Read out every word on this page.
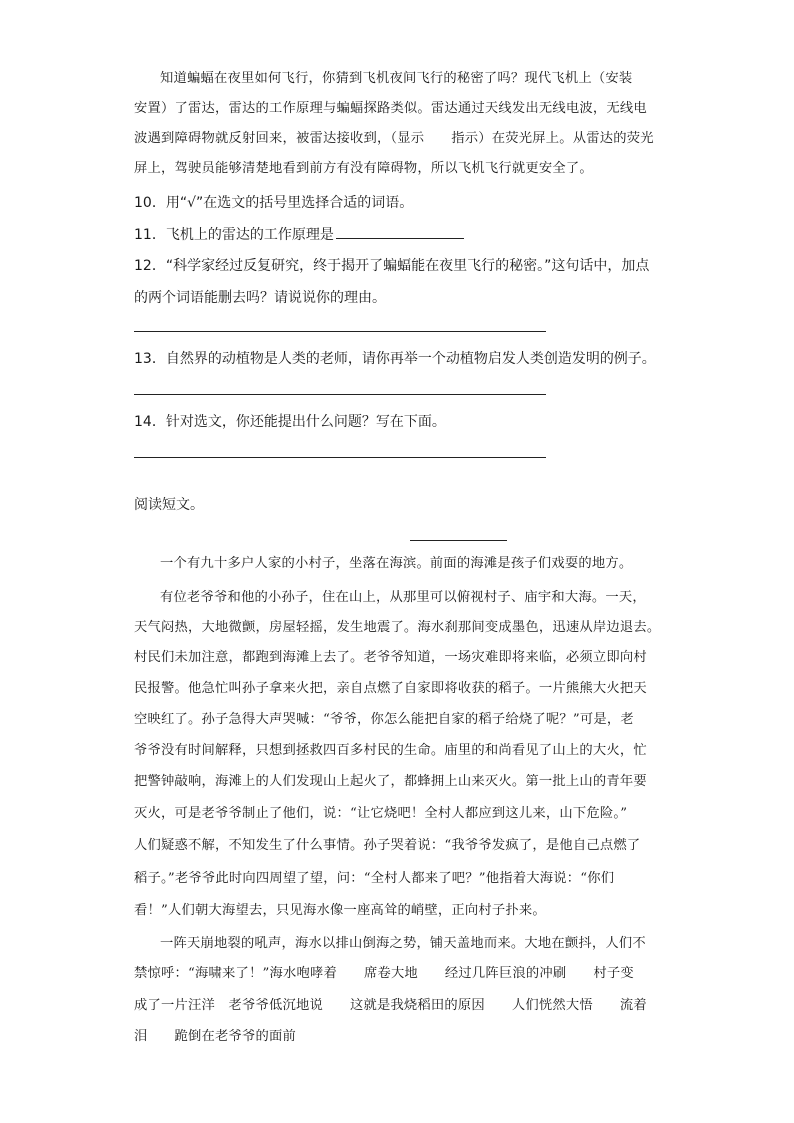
知道蝙蝠在夜里如何飞行，你猜到飞机夜间飞行的秘密了吗？现代飞机上（安装
安置）了雷达，雷达的工作原理与蝙蝠探路类似。雷达通过天线发出无线电波，无线电
波遇到障碍物就反射回来，被雷达接收到，（显示　　指示）在荧光屏上。从雷达的荧光
屏上，驾驶员能够清楚地看到前方有没有障碍物，所以飞机飞行就更安全了。
10．用“√”在选文的括号里选择合适的词语。
11．飞机上的雷达的工作原理是
12．“科学家经过反复研究，终于揭开了蝙蝠能在夜里飞行的秘密。”这句话中，加点
的两个词语能删去吗？请说说你的理由。
13．自然界的动植物是人类的老师，请你再举一个动植物启发人类创造发明的例子。
14．针对选文，你还能提出什么问题？写在下面。
阅读短文。
一个有九十多户人家的小村子，坐落在海滨。前面的海滩是孩子们戏耍的地方。
有位老爷爷和他的小孙子，住在山上，从那里可以俯视村子、庙宇和大海。一天，
天气闷热，大地微颤，房屋轻摇，发生地震了。海水刹那间变成墨色，迅速从岸边退去。
村民们未加注意，都跑到海滩上去了。老爷爷知道，一场灾难即将来临，必须立即向村
民报警。他急忙叫孙子拿来火把，亲自点燃了自家即将收获的稻子。一片熊熊大火把天
空映红了。孙子急得大声哭喊：“爷爷，你怎么能把自家的稻子给烧了呢？”可是，老
爷爷没有时间解释，只想到拯救四百多村民的生命。庙里的和尚看见了山上的大火，忙
把警钟敲响，海滩上的人们发现山上起火了，都蜂拥上山来灭火。第一批上山的青年要
灭火，可是老爷爷制止了他们，说：“让它烧吧！全村人都应到这儿来，山下危险。”
人们疑惑不解，不知发生了什么事情。孙子哭着说：“我爷爷发疯了，是他自己点燃了
稻子。”老爷爷此时向四周望了望，问：“全村人都来了吧？”他指着大海说：“你们
看！”人们朝大海望去，只见海水像一座高耸的峭壁，正向村子扑来。
一阵天崩地裂的吼声，海水以排山倒海之势，铺天盖地而来。大地在颤抖，人们不
禁惊呼：“海啸来了！”海水咆哮着　　席卷大地　　经过几阵巨浪的冲刷　　村子变
成了一片汪洋　老爷爷低沉地说　　这就是我烧稻田的原因　　人们恍然大悟　　流着
泪　　跪倒在老爷爷的面前
